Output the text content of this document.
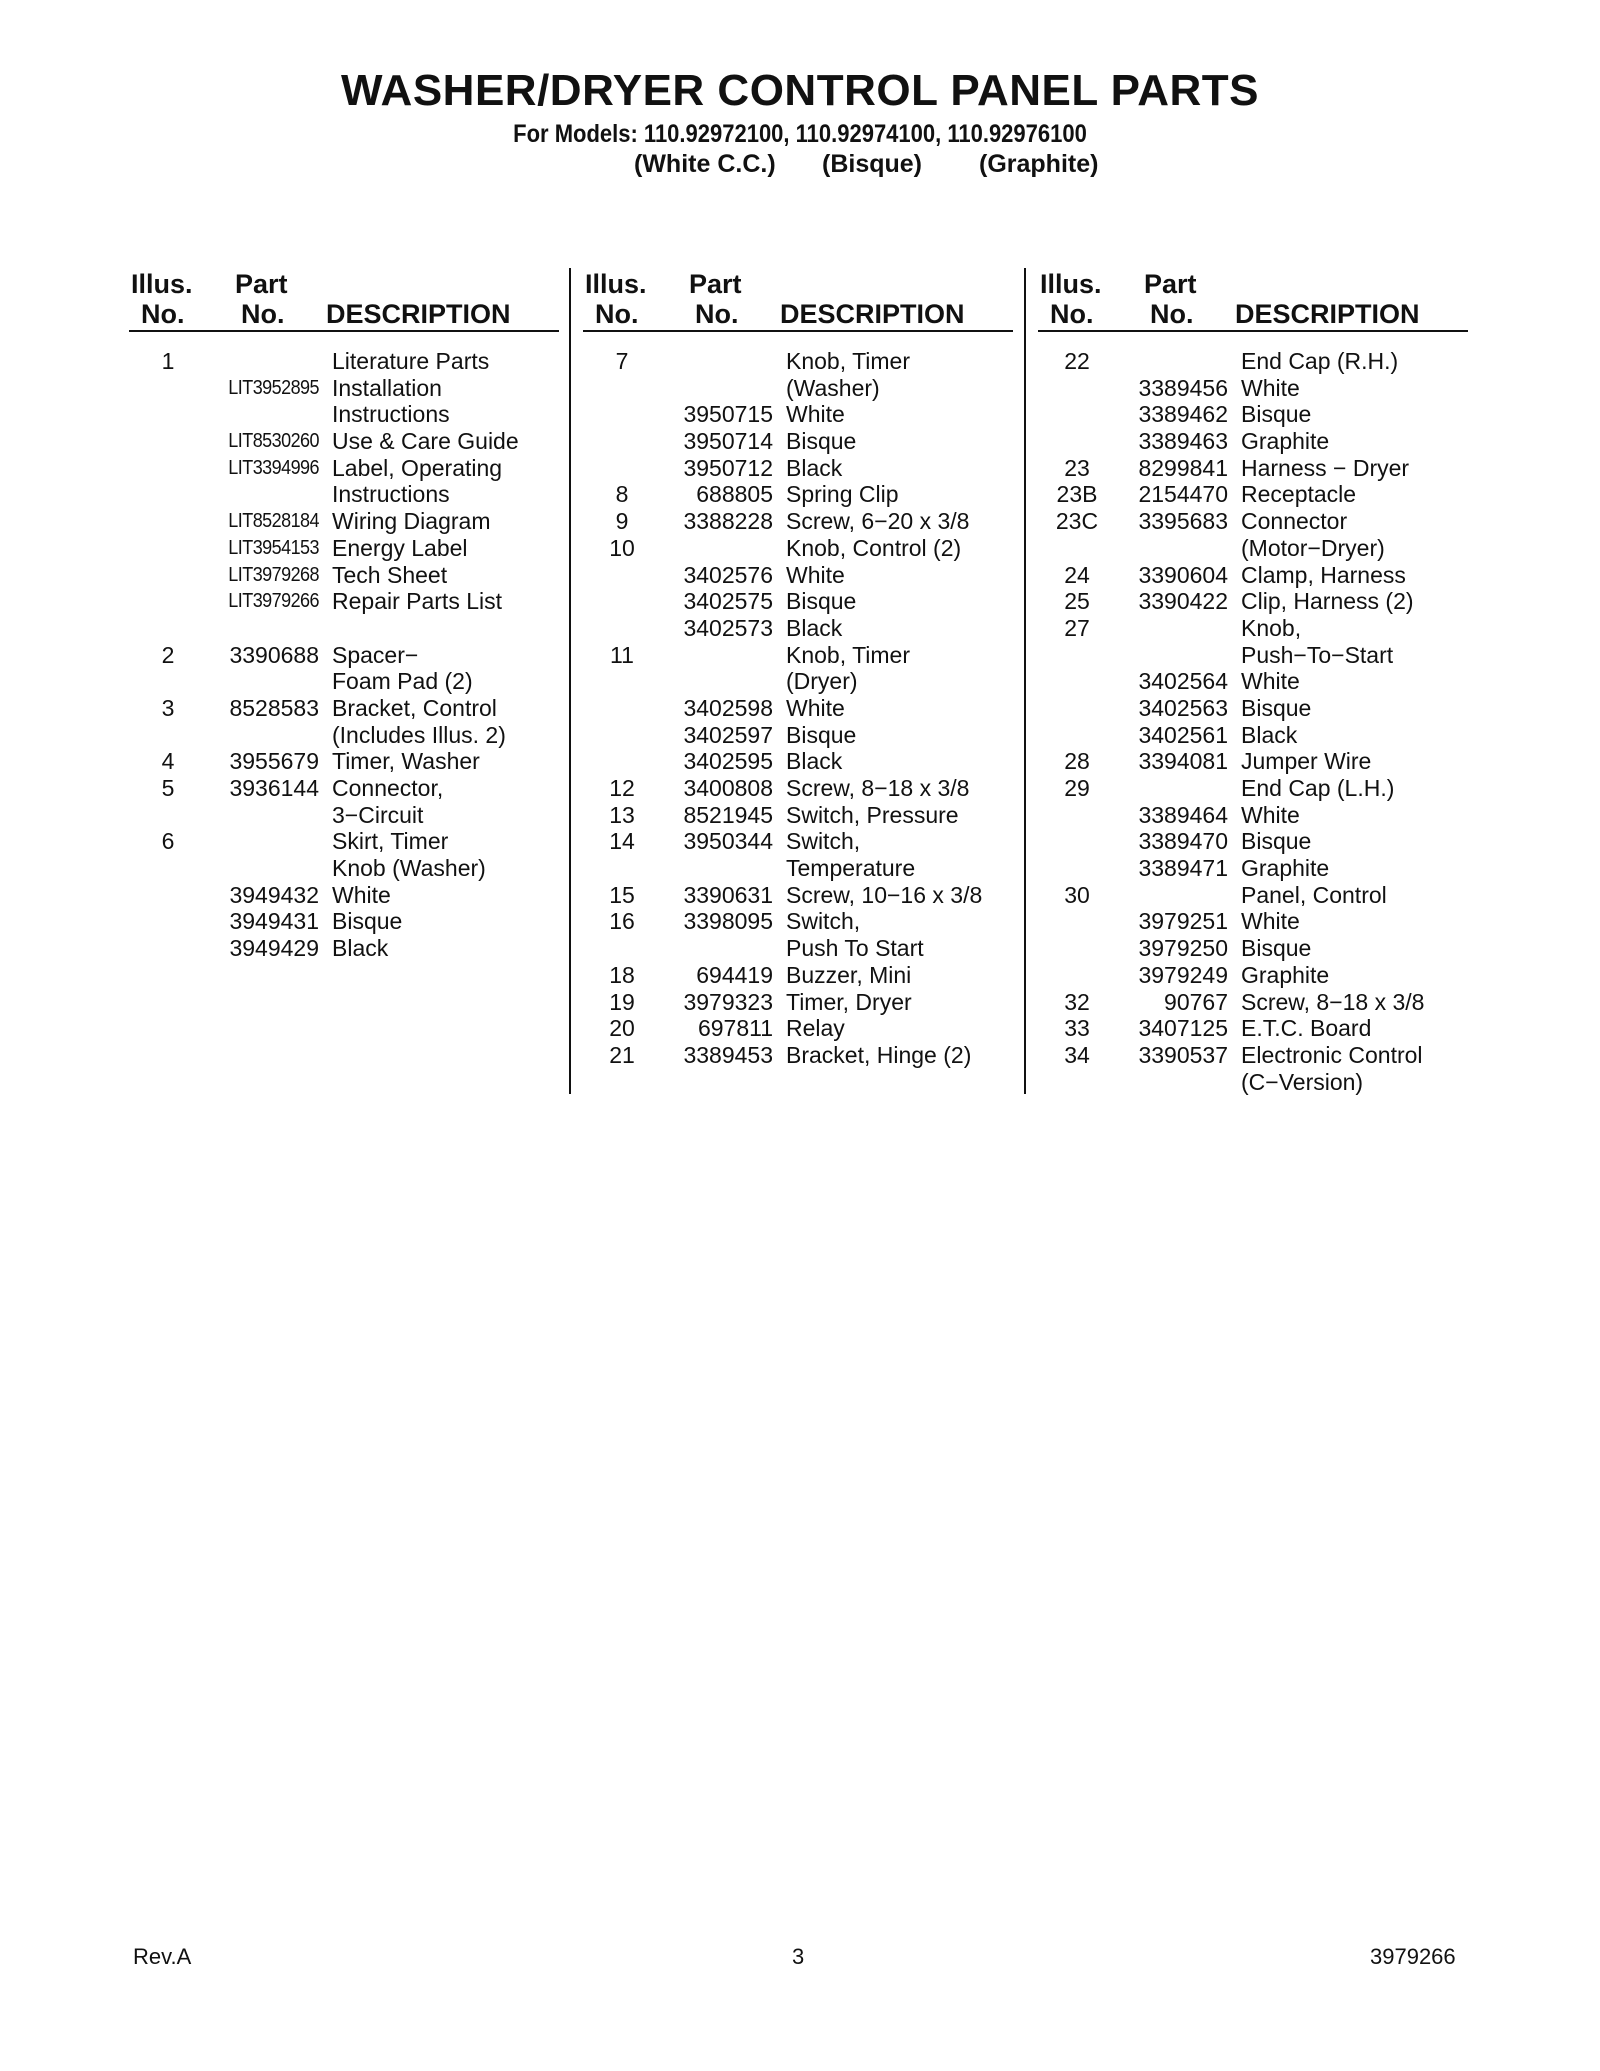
WASHER/DRYER CONTROL PANEL PARTS
For Models: 110.92972100, 110.92974100, 110.92976100
(White C.C.) (Bisque) (Graphite)
Illus.
No.
Part
No. DESCRIPTION
1	Literature Parts
LIT3952895 Installation
Instructions
LIT8530260 Use & Care Guide
LIT3394996 Label, Operating
Instructions
LIT8528184 Wiring Diagram
LIT3954153 Energy Label
LIT3979268 Tech Sheet
LIT3979266 Repair Parts List
2	3390688 Spacer−
Foam Pad (2)
3	8528583 Bracket, Control
(Includes Illus. 2)
4	3955679 Timer, Washer
5	3936144 Connector,
3−Circuit
6	Skirt, Timer
Knob (Washer)
3949432 White
3949431 Bisque
3949429 Black
Illus.
No.
Part
No. DESCRIPTION
7	Knob, Timer
(Washer)
3950715 White
3950714 Bisque
3950712 Black
8	688805 Spring Clip
9	3388228 Screw, 6−20 x 3/8
10	Knob, Control (2)
3402576 White
3402575 Bisque
3402573 Black
11	Knob, Timer
(Dryer)
3402598 White
3402597 Bisque
3402595 Black
12	3400808 Screw, 8−18 x 3/8
13	8521945 Switch, Pressure
14	3950344 Switch,
Temperature
15	3390631 Screw, 10−16 x 3/8
16	3398095 Switch,
Push To Start
18	694419 Buzzer, Mini
19	3979323 Timer, Dryer
20	697811 Relay
21	3389453 Bracket, Hinge (2)
Illus.
No.
Part
No. DESCRIPTION
22	End Cap (R.H.)
3389456 White
3389462 Bisque
3389463 Graphite
23	8299841 Harness − Dryer
23B	2154470 Receptacle
23C	3395683 Connector
(Motor−Dryer)
24	3390604 Clamp, Harness
25	3390422 Clip, Harness (2)
27	Knob,
Push−To−Start
3402564 White
3402563 Bisque
3402561 Black
28	3394081 Jumper Wire
29	End Cap (L.H.)
3389464 White
3389470 Bisque
3389471 Graphite
30	Panel, Control
3979251 White
3979250 Bisque
3979249 Graphite
32	90767 Screw, 8−18 x 3/8
33	3407125 E.T.C. Board
34	3390537 Electronic Control
(C−Version)
Rev.A	3	3979266
